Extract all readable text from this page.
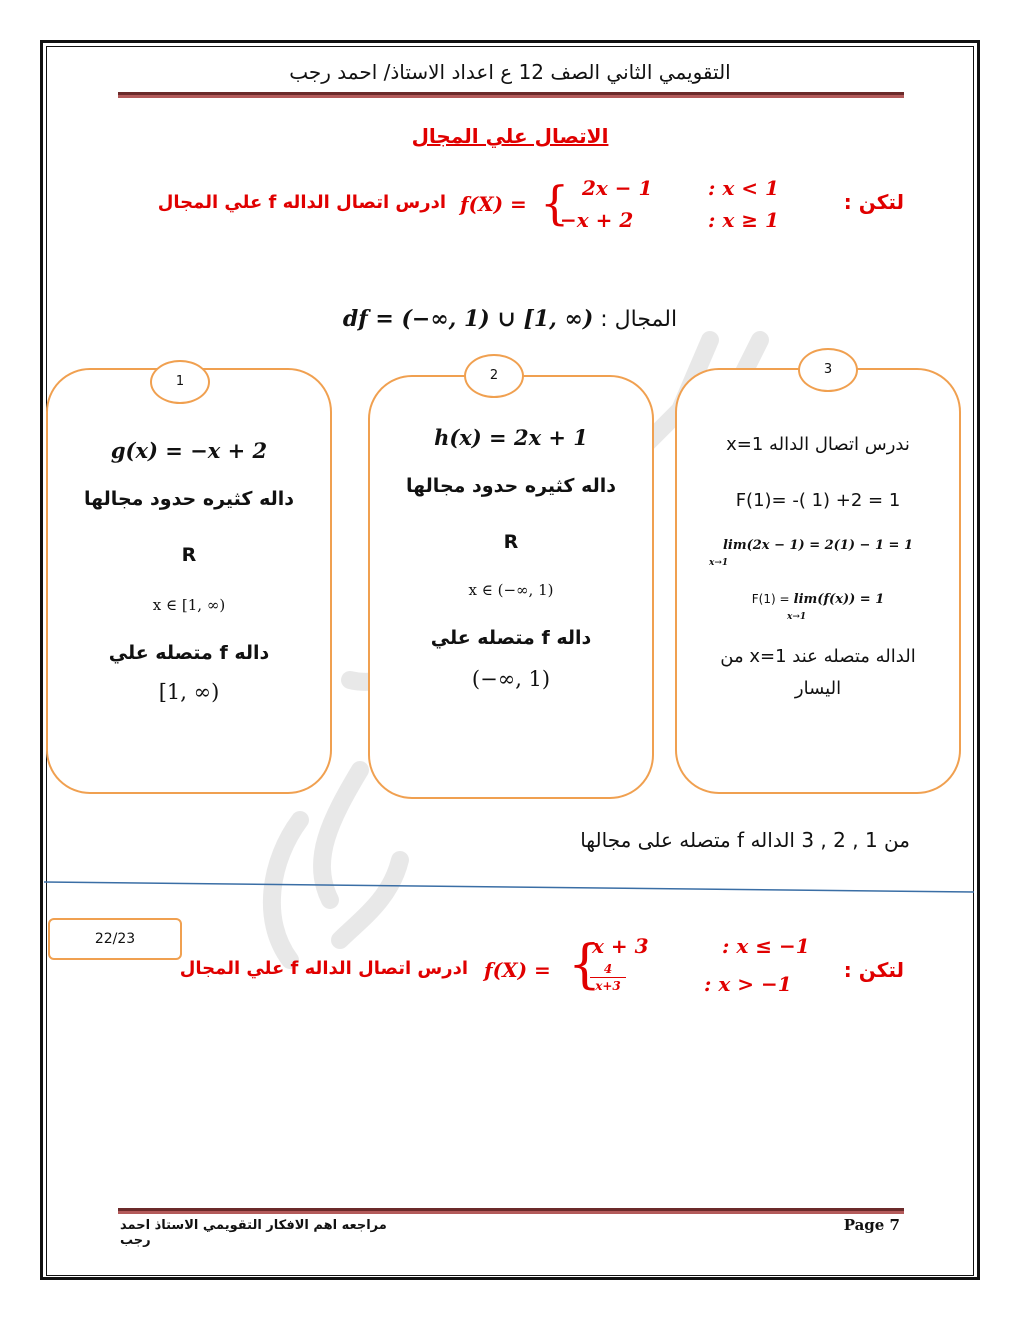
التقويمي الثاني الصف 12 ع اعداد الاستاذ/ احمد رجب
الاتصال علي المجال
لتكن :
: x < 1
: x ≥ 1
2x − 1
−x + 2
{
f(X) =
ادرس اتصال الداله f علي المجال
df = (−∞, 1) ∪ [1, ∞) : المجال
g(x) = −x + 2
داله كثيره حدود مجالها
R
x ∈ [1, ∞)
داله f متصله علي
[1, ∞)
1
h(x) = 2x + 1
داله كثيره حدود مجالها
R
x ∈ (−∞, 1)
داله f متصله علي
(−∞, 1)
2
ندرس اتصال الداله x=1
F(1)= -( 1) +2 = 1
lim(2x − 1) = 2(1) − 1 = 1
x→1
F(1) = lim(f(x)) = 1
x→1
الداله متصله عند x=1 من
اليسار
3
من 1 , 2 , 3 الداله f متصله على مجالها
22/23
لتكن :
: x ≤ −1
: x > −1
x + 3
4
x+3
{
f(X) =
ادرس اتصال الداله f علي المجال
مراجعه اهم الافكار التقويمي الاستاذ احمد رجب
Page 7
